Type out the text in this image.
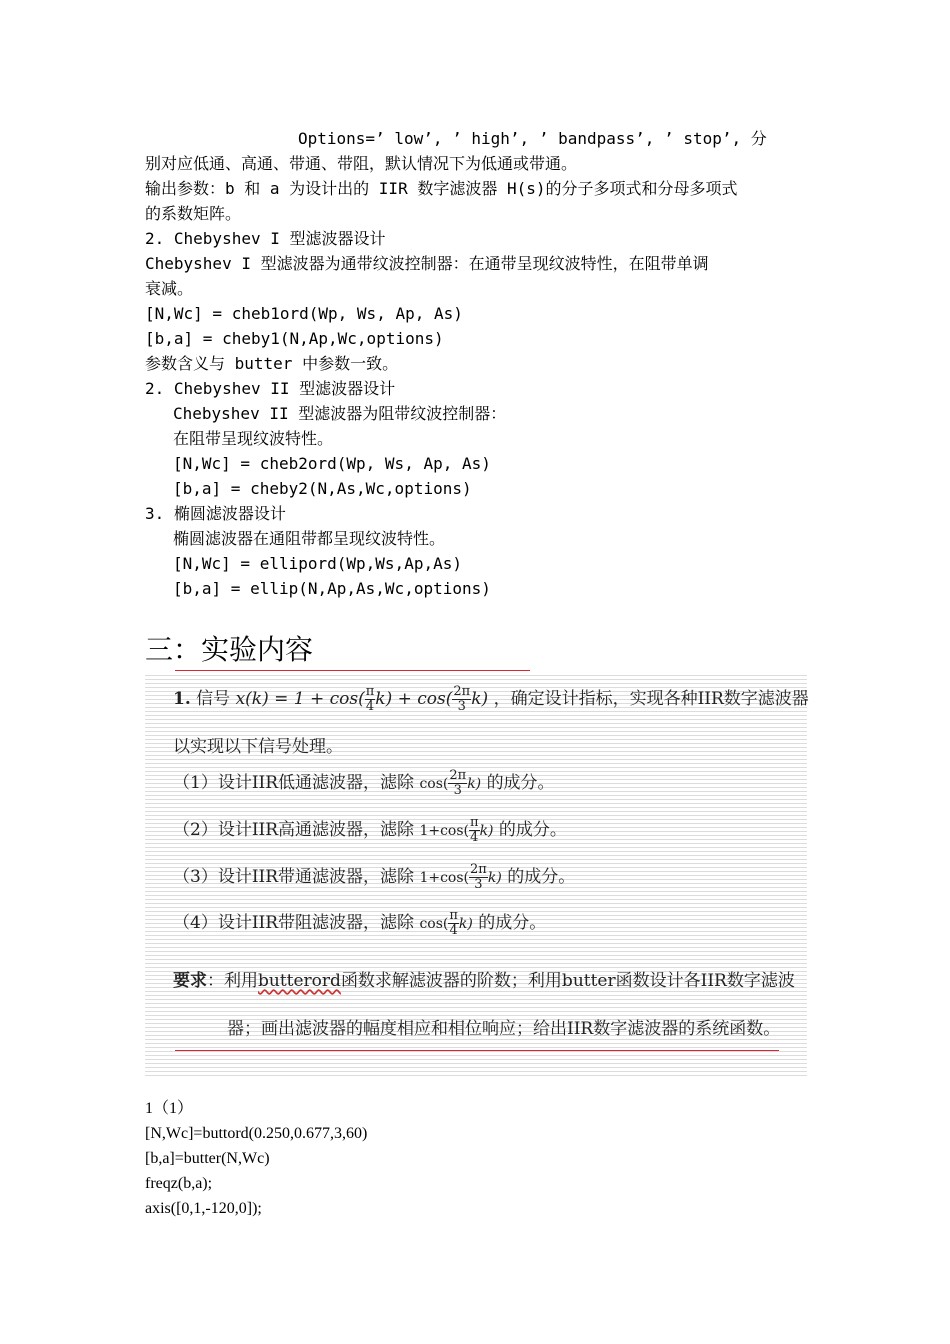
Options=’ low’, ’ high’, ’ bandpass’, ’ stop’, 分
别对应低通、高通、带通、带阻，默认情况下为低通或带通。
输出参数：b 和 a 为设计出的 IIR 数字滤波器 H(s)的分子多项式和分母多项式
的系数矩阵。
2. Chebyshev I 型滤波器设计
Chebyshev I 型滤波器为通带纹波控制器：在通带呈现纹波特性，在阻带单调
衰减。
[N,Wc] = cheb1ord(Wp, Ws, Ap, As)
[b,a] = cheby1(N,Ap,Wc,options)
参数含义与 butter 中参数一致。
2. Chebyshev II 型滤波器设计
Chebyshev II 型滤波器为阻带纹波控制器：
在阻带呈现纹波特性。
[N,Wc] = cheb2ord(Wp, Ws, Ap, As)
[b,a] = cheby2(N,As,Wc,options)
3. 椭圆滤波器设计
椭圆滤波器在通阻带都呈现纹波特性。
[N,Wc] = ellipord(Wp,Ws,Ap,As)
[b,a] = ellip(N,Ap,As,Wc,options)
三：实验内容
1. 信号 $x(k) = 1 + \cos( \frac{\pi}{4} k) + \cos( \frac{2\pi}{3} k)$ ，确定设计指标，实现各种IIR数字滤波器
以实现以下信号处理。
（1）设计IIR低通滤波器，滤除 $\cos( \frac{2\pi}{3} k)$ 的成分。
（2）设计IIR高通滤波器，滤除 $1+\cos( \frac{\pi}{4} k)$ 的成分。
（3）设计IIR带通滤波器，滤除 $1+\cos( \frac{2\pi}{3} k)$ 的成分。
（4）设计IIR带阻滤波器，滤除 $\cos( \frac{\pi}{4} k)$ 的成分。
要求：利用butterord函数求解滤波器的阶数；利用butter函数设计各IIR数字滤波
器；画出滤波器的幅度相应和相位响应；给出IIR数字滤波器的系统函数。
1（1）
[N,Wc]=buttord(0.250,0.677,3,60)
[b,a]=butter(N,Wc)
freqz(b,a);
axis([0,1,-120,0]);
